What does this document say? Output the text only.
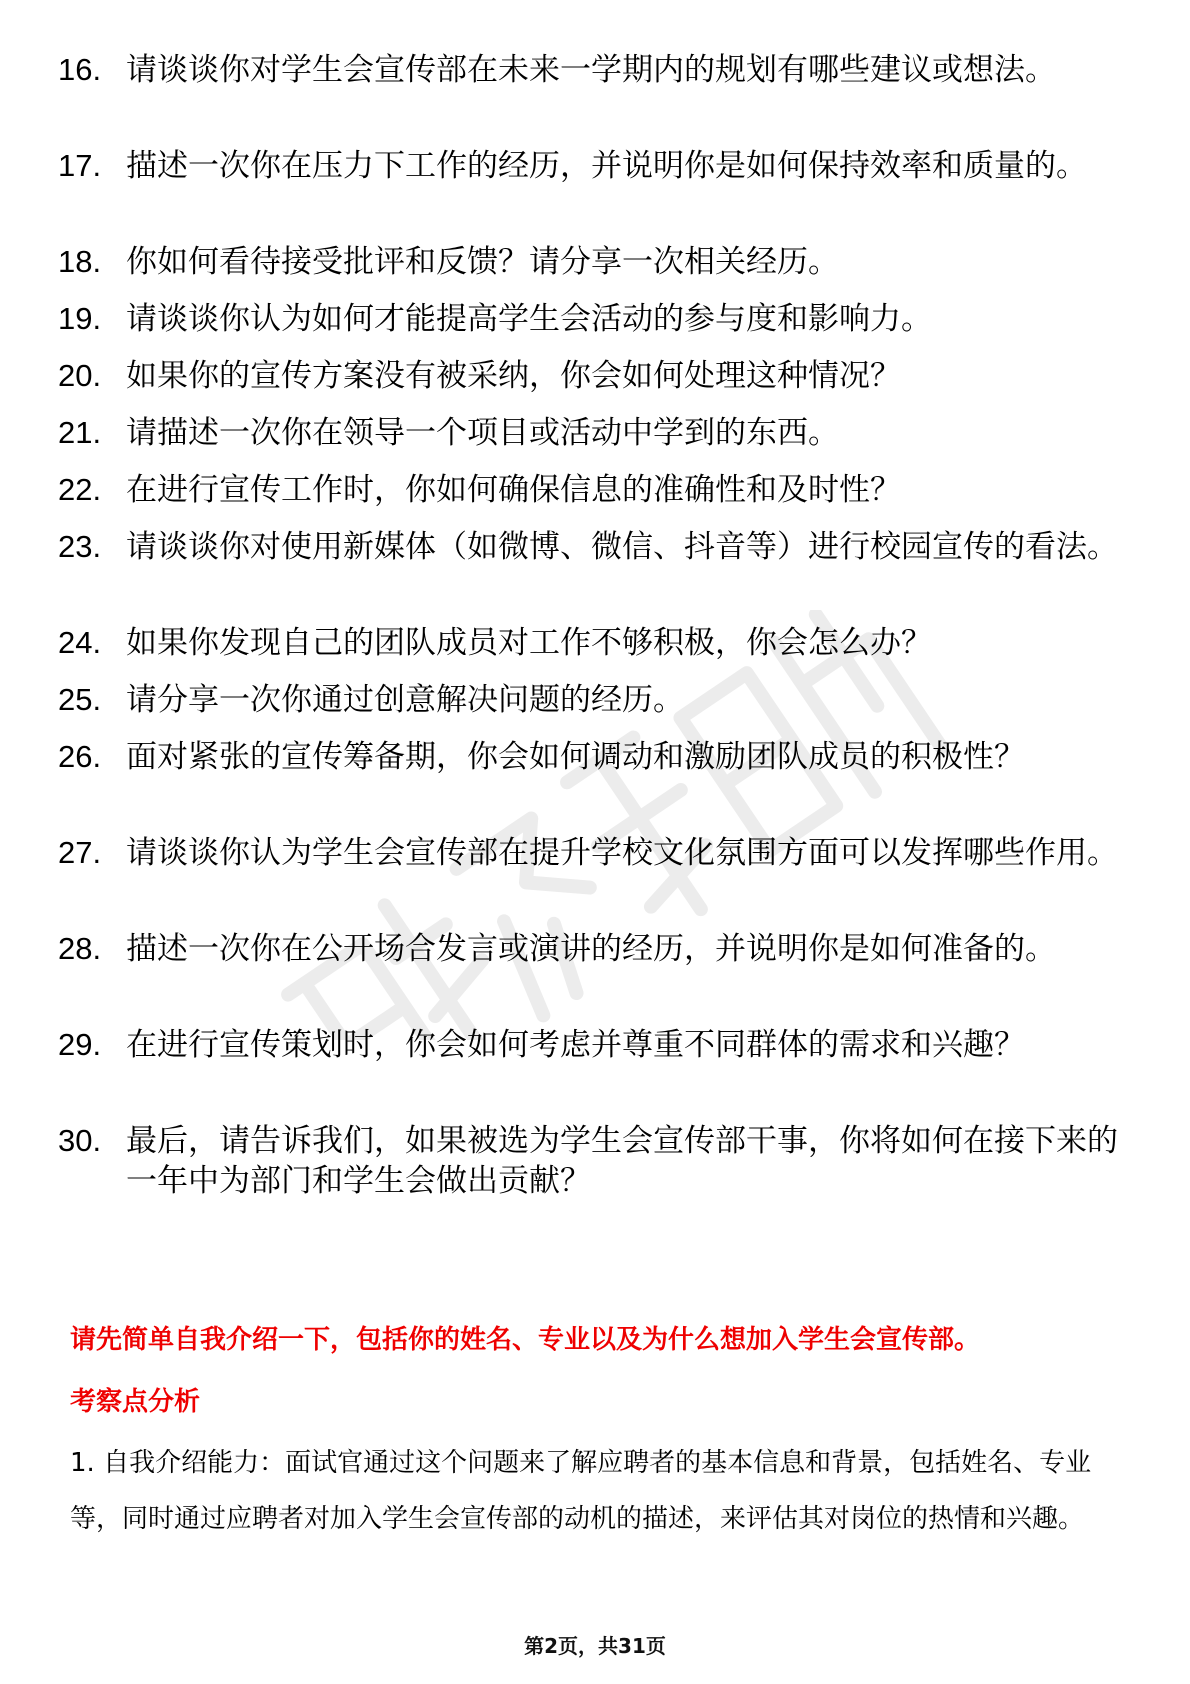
16. 请谈谈你对学生会宣传部在未来一学期内的规划有哪些建议或想法。
17. 描述一次你在压力下工作的经历，并说明你是如何保持效率和质量的。
18. 你如何看待接受批评和反馈？请分享一次相关经历。
19. 请谈谈你认为如何才能提高学生会活动的参与度和影响力。
20. 如果你的宣传方案没有被采纳，你会如何处理这种情况？
21. 请描述一次你在领导一个项目或活动中学到的东西。
22. 在进行宣传工作时，你如何确保信息的准确性和及时性？
23. 请谈谈你对使用新媒体（如微博、微信、抖音等）进行校园宣传的看法。
24. 如果你发现自己的团队成员对工作不够积极，你会怎么办？
25. 请分享一次你通过创意解决问题的经历。
26. 面对紧张的宣传筹备期，你会如何调动和激励团队成员的积极性？
27. 请谈谈你认为学生会宣传部在提升学校文化氛围方面可以发挥哪些作用。
28. 描述一次你在公开场合发言或演讲的经历，并说明你是如何准备的。
29. 在进行宣传策划时，你会如何考虑并尊重不同群体的需求和兴趣？
30. 最后，请告诉我们，如果被选为学生会宣传部干事，你将如何在接下来的一年中为部门和学生会做出贡献？
请先简单自我介绍一下，包括你的姓名、专业以及为什么想加入学生会宣传部。
考察点分析
1. 自我介绍能力：面试官通过这个问题来了解应聘者的基本信息和背景，包括姓名、专业等，同时通过应聘者对加入学生会宣传部的动机的描述，来评估其对岗位的热情和兴趣。
第2页，共31页
